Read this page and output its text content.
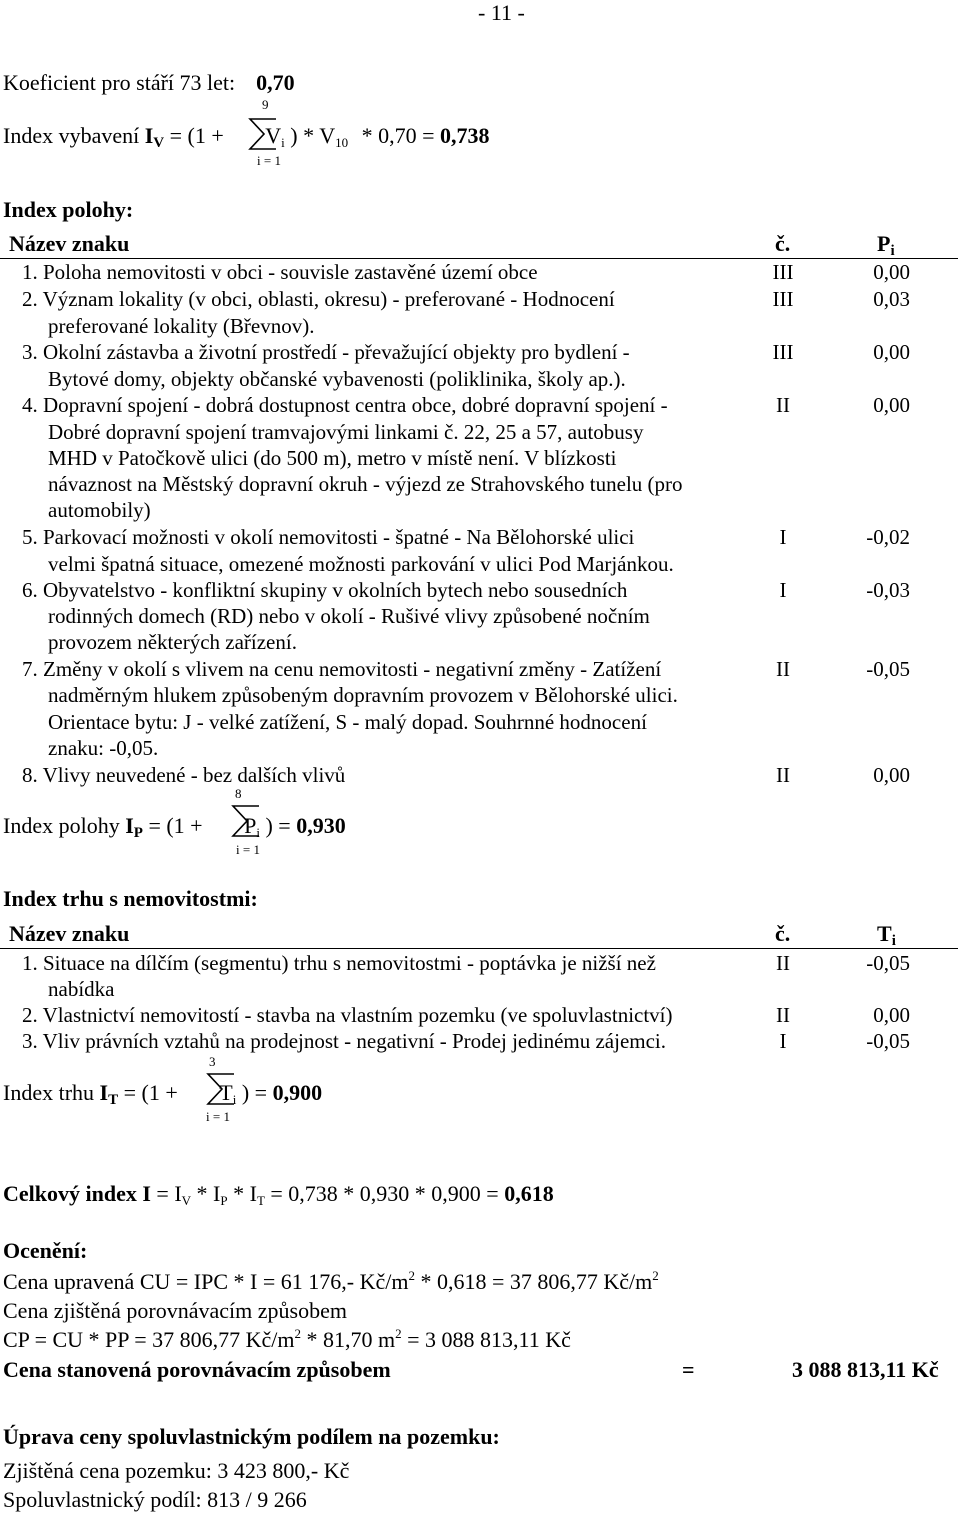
- 11 -
Koeficient pro stáří 73 let: 0,70
9
i = 1
Index vybavení IV = (1 + Vi ) * V10 * 0,70 = 0,738
Index polohy:
Název znaku	č.	Pi
1. Poloha nemovitosti v obci - souvisle zastavěné území obce	III	0,00
2. Význam lokality (v obci, oblasti, okresu) - preferované - Hodnocení
preferované lokality (Břevnov).
III	0,03
3. Okolní zástavba a životní prostředí - převažující objekty pro bydlení -
Bytové domy, objekty občanské vybavenosti (poliklinika, školy ap.).
III	0,00
4. Dopravní spojení - dobrá dostupnost centra obce, dobré dopravní spojení -
Dobré dopravní spojení tramvajovými linkami č. 22, 25 a 57, autobusy
MHD v Patočkově ulici (do 500 m), metro v místě není. V blízkosti
návaznost na Městský dopravní okruh - výjezd ze Strahovského tunelu (pro
automobily)
II	0,00
5. Parkovací možnosti v okolí nemovitosti - špatné - Na Bělohorské ulici
velmi špatná situace, omezené možnosti parkování v ulici Pod Marjánkou.
I	-0,02
6. Obyvatelstvo - konfliktní skupiny v okolních bytech nebo sousedních
rodinných domech (RD) nebo v okolí - Rušivé vlivy způsobené nočním
provozem některých zařízení.
I	-0,03
7. Změny v okolí s vlivem na cenu nemovitosti - negativní změny - Zatížení
nadměrným hlukem způsobeným dopravním provozem v Bělohorské ulici.
Orientace bytu: J - velké zatížení, S - malý dopad. Souhrnné hodnocení
znaku: -0,05.
II	-0,05
8. Vlivy neuvedené - bez dalších vlivů	II	0,00
8
i = 1
Index polohy IP = (1 + Pi ) = 0,930
Index trhu s nemovitostmi:
Název znaku	č.	Ti
1. Situace na dílčím (segmentu) trhu s nemovitostmi - poptávka je nižší než
nabídka
II	-0,05
2. Vlastnictví nemovitostí - stavba na vlastním pozemku (ve spoluvlastnictví)	II	0,00
3. Vliv právních vztahů na prodejnost - negativní - Prodej jedinému zájemci.	I	-0,05
3
i = 1
Index trhu IT = (1 + Ti ) = 0,900
Celkový index I = IV * IP * IT = 0,738 * 0,930 * 0,900 = 0,618
Ocenění:
Cena upravená CU = IPC * I = 61 176,- $Kč/m^2 * 0,618 = 37$ 806,77 $Kč/m^2$
Cena zjištěná porovnávacím způsobem
CP = CU * PP = 37 806,77 $Kč/m^2 * 81,70$ $m^2 = 3$ 088 813,11 Kč
Cena stanovená porovnávacím způsobem	=	3 088 813,11 Kč
Úprava ceny spoluvlastnickým podílem na pozemku:
Zjištěná cena pozemku: 3 423 800,- Kč
Spoluvlastnický podíl: 813 / 9 266
